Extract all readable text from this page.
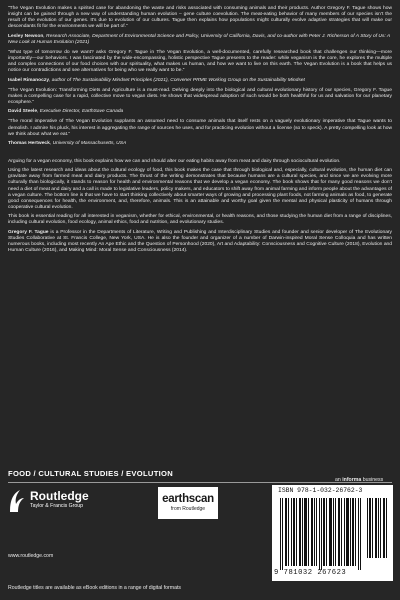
“The Vegan Evolution makes a spirited case for abandoning the waste and risks associated with consuming animals and their products. Author Gregory F. Tague shows how insight can be gained through a new way of understanding human evolution – gene culture coevolution. The meat-eating behavior of many members of our species isn’t the result of the evolution of our genes. It’s due to evolution of our cultures. Tague then explains how populations might culturally evolve adaptive strategies that will make our descendants fit for the environments we will be part of.”

Lesley Newson, Research Associate, Department of Environmental Science and Policy, University of California, Davis, and co-author with Peter J. Richerson of A Story of Us: A New Look at Human Evolution (2021)

“What type of tomorrow do we want? asks Gregory F. Tague in The Vegan Evolution, a well-documented, carefully researched book that challenges our thinking—more importantly—our behaviors. I was fascinated by the wide-encompassing, holistic perspective Tague presents to the reader: while veganism is the core, he explores the multiple and complex connections of our food choices with our spirituality, what makes us human, and how we want to live on this earth. The Vegan Evolution is a book that helps us notice our contradictions and see alternatives for being who we really want to be.”

Isabel Rimanoczy, author of The Sustainability Mindset Principles (2021), Convener PRME Working Group on the Sustainability Mindset

“The Vegan Evolution: Transforming Diets and Agriculture is a must-read. Delving deeply into the biological and cultural evolutionary history of our species, Gregory F. Tague makes a compelling case for a rapid, collective move to vegan diets. He shows that widespread adoption of such would be both healthful for us and salvation for our planetary ecosphere.”

David Steele, Executive Director, EarthSave Canada

“The moral imperative of The Vegan Evolution supplants an assumed need to consume animals that itself rests on a vaguely evolutionary imperative that Tague wants to demolish. I admire his pluck, his interest in aggregating the range of sources he uses, and for practicing evolution without a license (so to speck). A pretty compelling look at how we think about what we eat.”

Thomas Hertweck, University of Massachusetts, USA

Arguing for a vegan economy, this book explains how we can and should alter our eating habits away from meat and dairy through sociocultural evolution.

Using the latest research and ideas about the cultural ecology of food, this book makes the case that through biological and, especially, cultural evolution, the human diet can gravitate away from farmed meat and dairy products. The thrust of the writing demonstrates that because humans are a cultural species, and since we are evolving more culturally than biologically, it stands to reason for health and environmental reasons that we develop a vegan economy. The book shows that for many good reasons we don’t need a diet of meat and dairy and a call is made to legislative leaders, policy makers, and educators to shift away from animal farming and inform people about the advantages of a vegan culture. The bottom line is that we have to start thinking collectively about smarter ways of growing and processing plant foods, not farming animals as food, to generate good consequences for health, the environment, and, therefore, animals. This is an attainable and worthy goal given the mental and physical plasticity of humans through cooperative cultural evolution.

This book is essential reading for all interested in veganism, whether for ethical, environmental, or health reasons, and those studying the human diet from a range of disciplines, including cultural evolution, food ecology, animal ethics, food and nutrition, and evolutionary studies.

Gregory F. Tague is a Professor in the Departments of Literature, Writing and Publishing and Interdisciplinary Studies and founder and senior developer of The Evolutionary Studies Collaborative at St. Francis College, New York, USA. He is also the founder and organizer of a number of Darwin-inspired Moral Sense Colloquia and has written numerous books, including most recently An Ape Ethic and the Question of Personhood (2020), Art and Adaptability: Consciousness and Cognitive Culture (2018), Evolution and Human Culture (2016), and Making Mind: Moral Sense and Consciousness (2014).

FOOD / CULTURAL STUDIES / EVOLUTION
an informa business
Routledge
Taylor & Francis Group
www.routledge.com
earthscan
from Routledge
ISBN 978-1-032-26762-3
9 781032 267623
Routledge titles are available as eBook editions in a range of digital formats
